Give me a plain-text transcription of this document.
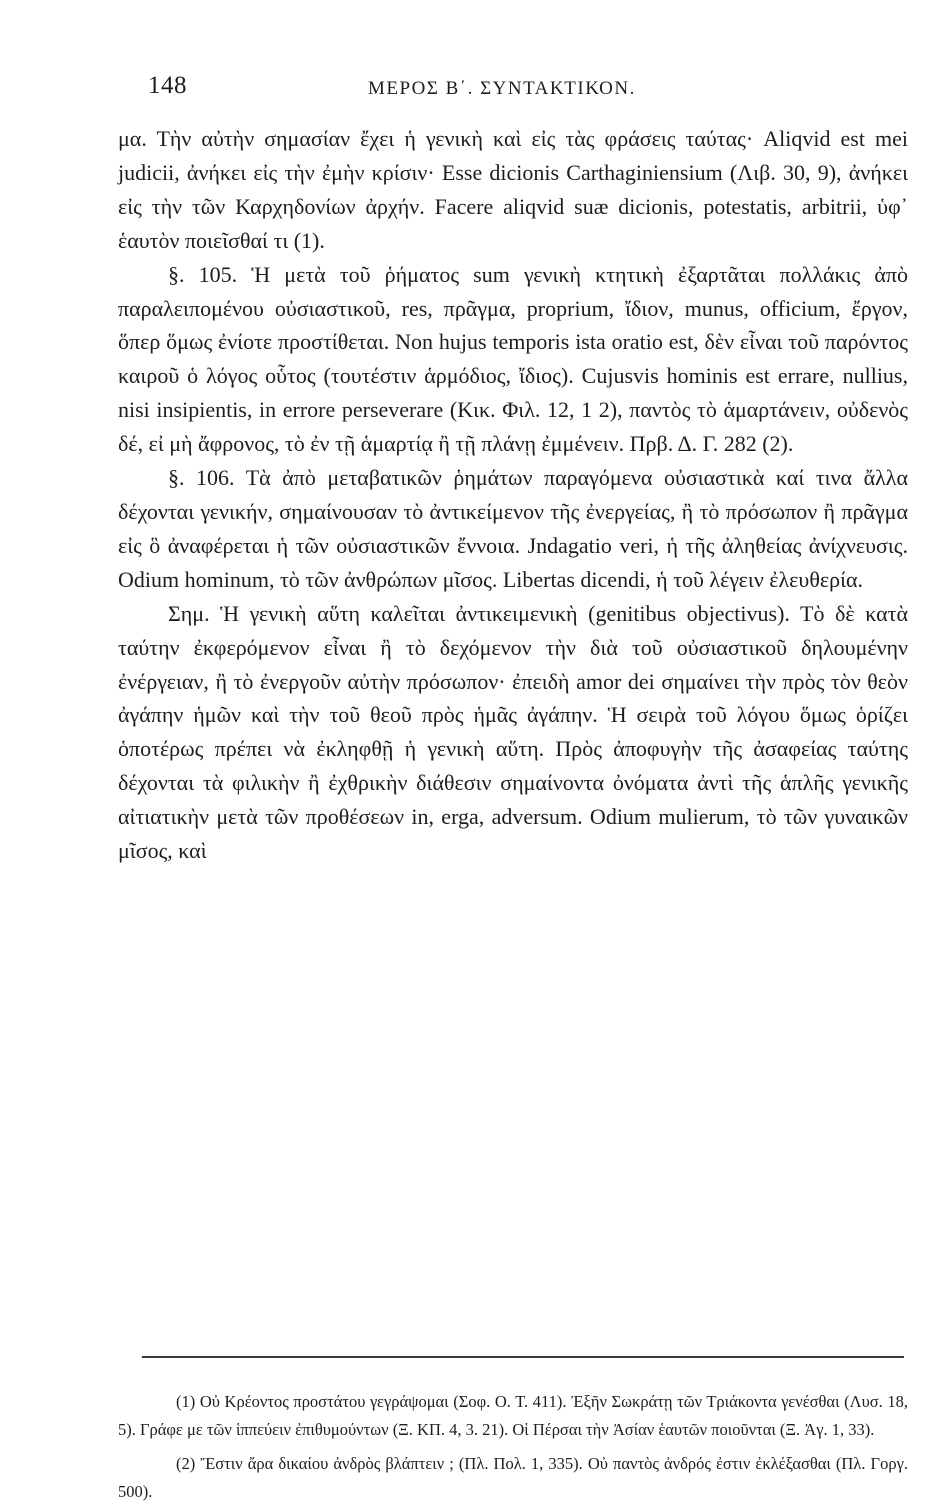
148	ΜΕΡΟΣ Β΄. ΣΥΝΤΑΚΤΙΚΟΝ.

μα. Τὴν αὐτὴν σημασίαν ἔχει ἡ γενικὴ καὶ εἰς τὰς φράσεις ταύτας· Aliqvid est mei judicii, ἀνήκει εἰς τὴν ἐμὴν κρίσιν· Esse dicionis Carthaginiensium (Λιβ. 30, 9), ἀνήκει εἰς τὴν τῶν Καρχηδονίων ἀρχήν. Facere aliqvid suæ dicionis, potestatis, arbitrii, ὑφ᾽ ἑαυτὸν ποιεῖσθαί τι (1).

§. 105. Ἡ μετὰ τοῦ ῥήματος sum γενικὴ κτητικὴ ἐξαρτᾶται πολλάκις ἀπὸ παραλειπομένου οὐσιαστικοῦ, res, πρᾶγμα, proprium, ἴδιον, munus, officium, ἔργον, ὅπερ ὅμως ἐνίοτε προστίθεται. Non hujus temporis ista oratio est, δὲν εἶναι τοῦ παρόντος καιροῦ ὁ λόγος οὗτος (τουτέστιν ἁρμόδιος, ἴδιος). Cujusvis hominis est errare, nullius, nisi insipientis, in errore perseverare (Κικ. Φιλ. 12, 1 2), παντὸς τὸ ἁμαρτάνειν, οὐδενὸς δέ, εἰ μὴ ἄφρονος, τὸ ἐν τῇ ἁμαρτίᾳ ἢ τῇ πλάνῃ ἐμμένειν. Πρβ. Δ. Γ. 282 (2).

§. 106. Τὰ ἀπὸ μεταβατικῶν ῥημάτων παραγόμενα οὐσιαστικὰ καί τινα ἄλλα δέχονται γενικήν, σημαίνουσαν τὸ ἀντικείμενον τῆς ἐνεργείας, ἢ τὸ πρόσωπον ἢ πρᾶγμα εἰς ὃ ἀναφέρεται ἡ τῶν οὐσιαστικῶν ἔννοια. Jndagatio veri, ἡ τῆς ἀληθείας ἀνίχνευσις. Odium hominum, τὸ τῶν ἀνθρώπων μῖσος. Libertas dicendi, ἡ τοῦ λέγειν ἐλευθερία.

Σημ. Ἡ γενικὴ αὕτη καλεῖται ἀντικειμενικὴ (genitibus objectivus). Τὸ δὲ κατὰ ταύτην ἐκφερόμενον εἶναι ἢ τὸ δεχόμενον τὴν διὰ τοῦ οὐσιαστικοῦ δηλουμένην ἐνέργειαν, ἢ τὸ ἐνεργοῦν αὐτὴν πρόσωπον· ἐπειδὴ amor dei σημαίνει τὴν πρὸς τὸν θεὸν ἀγάπην ἡμῶν καὶ τὴν τοῦ θεοῦ πρὸς ἡμᾶς ἀγάπην. Ἡ σειρὰ τοῦ λόγου ὅμως ὁρίζει ὁποτέρως πρέπει νὰ ἐκληφθῇ ἡ γενικὴ αὕτη. Πρὸς ἀποφυγὴν τῆς ἀσαφείας ταύτης δέχονται τὰ φιλικὴν ἢ ἐχθρικὴν διάθεσιν σημαίνοντα ὀνόματα ἀντὶ τῆς ἁπλῆς γενικῆς αἰτιατικὴν μετὰ τῶν προθέσεων in, erga, adversum. Odium mulierum, τὸ τῶν γυναικῶν μῖσος, καὶ

(1) Οὐ Κρέοντος προστάτου γεγράψομαι (Σοφ. Ο. Τ. 411). Ἐξῆν Σωκράτῃ τῶν Τριάκοντα γενέσθαι (Λυσ. 18, 5). Γράφε με τῶν ἱππεύειν ἐπιθυμούντων (Ξ. ΚΠ. 4, 3. 21). Οἱ Πέρσαι τὴν Ἀσίαν ἑαυτῶν ποιοῦνται (Ξ. Ἀγ. 1, 33).

(2) Ἔστιν ἄρα δικαίου ἀνδρὸς βλάπτειν ; (Πλ. Πολ. 1, 335). Οὐ παντὸς ἀνδρός ἐστιν ἐκλέξασθαι (Πλ. Γοργ. 500).
